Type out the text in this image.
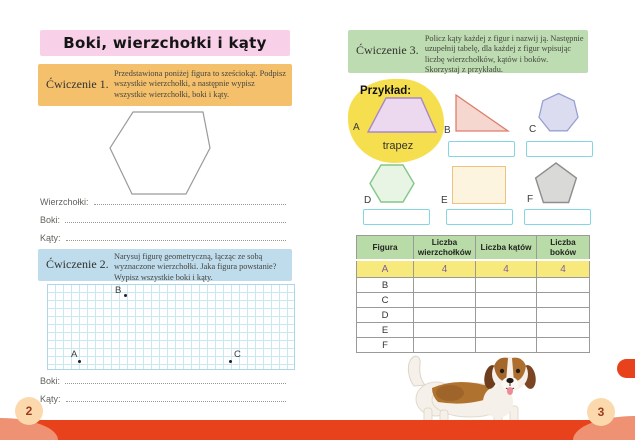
Boki, wierzchołki i kąty
Ćwiczenie 1.
Przedstawiona poniżej figura to sześciokąt. Podpisz wszystkie wierzchołki, a następnie wypisz wszystkie wierzchołki, boki i kąty.
Wierzchołki:
Boki:
Kąty:
Ćwiczenie 2.
Narysuj figurę geometryczną, łącząc ze sobą wyznaczone wierzchołki. Jaka figura powstanie? Wypisz wszystkie boki i kąty.
B
A	C
Boki:
Kąty:
Ćwiczenie 3.
Policz kąty każdej z figur i nazwij ją. Następnie uzupełnij tabelę, dla każdej z figur wpisując liczbę wierzchołków, kątów i boków. Skorzystaj z przykładu.
Przykład:
A
trapez
B	C
D	E	F
Figura	Liczba wierzchołków	Liczba kątów	Liczba boków
A	4	4	4
B			
C			
D			
E			
F			
2	3
